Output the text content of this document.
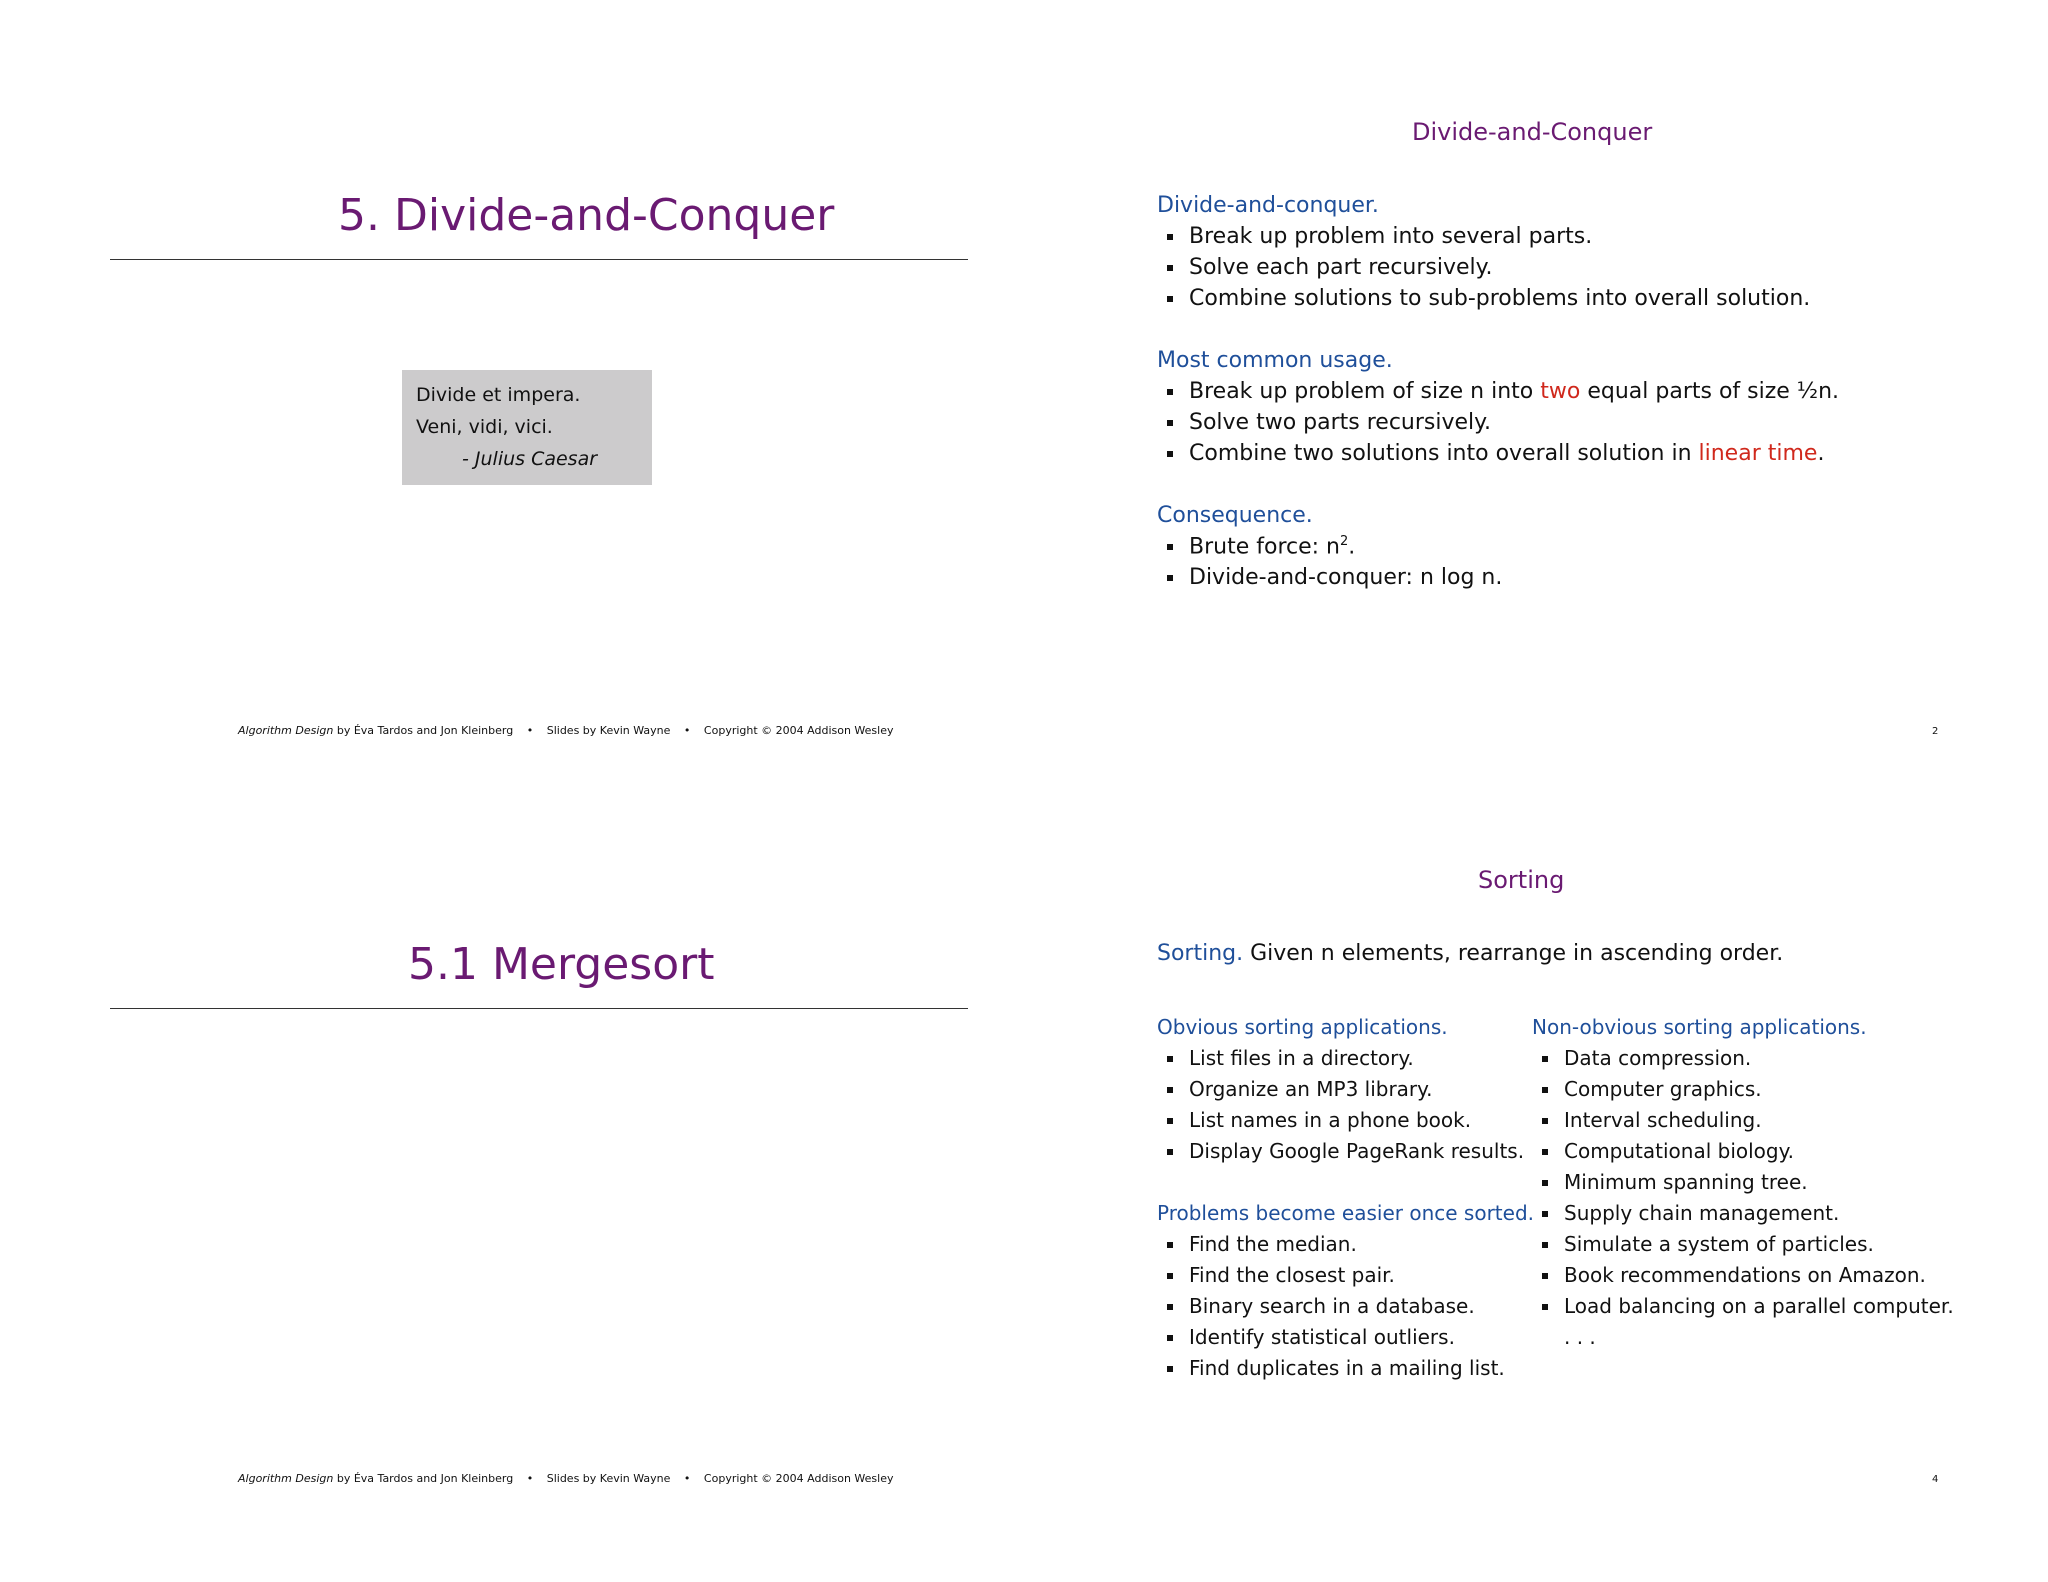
5. Divide-and-Conquer
Divide et impera.
Veni, vidi, vici.
- Julius Caesar
Algorithm Design by Éva Tardos and Jon Kleinberg • Slides by Kevin Wayne • Copyright © 2004 Addison Wesley
Divide-and-Conquer
Divide-and-conquer.
Break up problem into several parts.
Solve each part recursively.
Combine solutions to sub-problems into overall solution.
Most common usage.
Break up problem of size n into two equal parts of size ½n.
Solve two parts recursively.
Combine two solutions into overall solution in linear time.
Consequence.
Brute force: $n^2$.
Divide-and-conquer: n log n.
2
5.1 Mergesort
Algorithm Design by Éva Tardos and Jon Kleinberg • Slides by Kevin Wayne • Copyright © 2004 Addison Wesley
Sorting
Sorting. Given n elements, rearrange in ascending order.
Obvious sorting applications.
List files in a directory.
Organize an MP3 library.
List names in a phone book.
Display Google PageRank results.
Problems become easier once sorted.
Find the median.
Find the closest pair.
Binary search in a database.
Identify statistical outliers.
Find duplicates in a mailing list.
Non-obvious sorting applications.
Data compression.
Computer graphics.
Interval scheduling.
Computational biology.
Minimum spanning tree.
Supply chain management.
Simulate a system of particles.
Book recommendations on Amazon.
Load balancing on a parallel computer.
. . .
4
